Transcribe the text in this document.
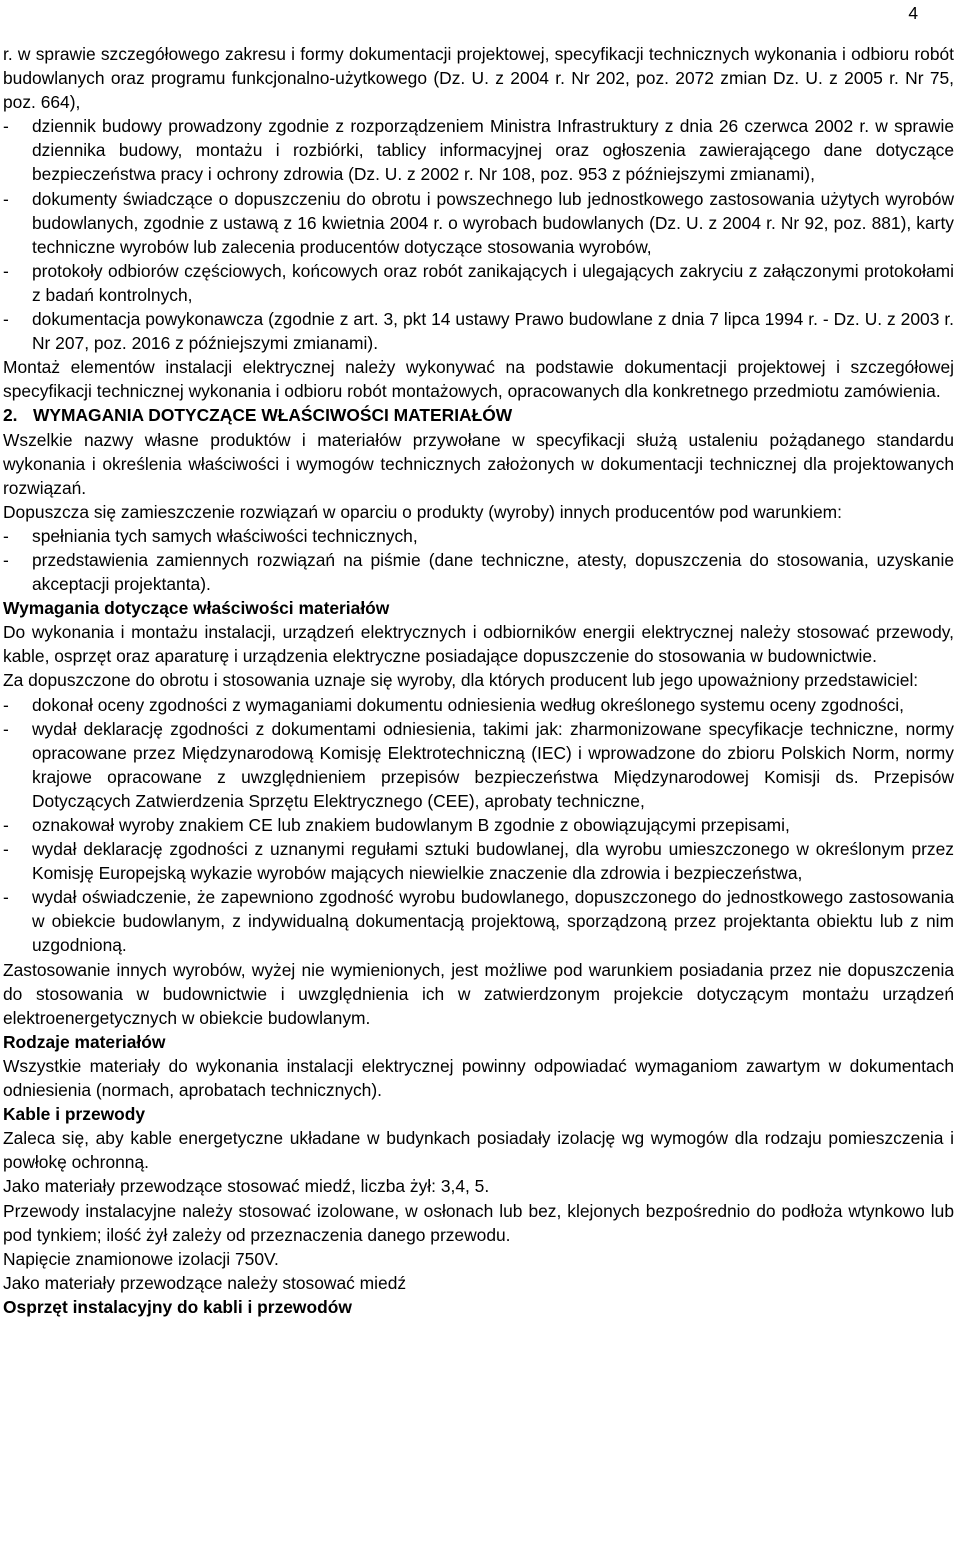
4

r. w sprawie szczegółowego zakresu i formy dokumentacji projektowej, specyfikacji technicznych wykonania i odbioru robót budowlanych oraz programu funkcjonalno-użytkowego (Dz. U. z 2004 r. Nr 202, poz. 2072 zmian Dz. U. z 2005 r. Nr 75, poz. 664),

- dziennik budowy prowadzony zgodnie z rozporządzeniem Ministra Infrastruktury z dnia 26 czerwca 2002 r. w sprawie dziennika budowy, montażu i rozbiórki, tablicy informacyjnej oraz ogłoszenia zawierającego dane dotyczące bezpieczeństwa pracy i ochrony zdrowia (Dz. U. z 2002 r. Nr 108, poz. 953 z późniejszymi zmianami),
- dokumenty świadczące o dopuszczeniu do obrotu i powszechnego lub jednostkowego zastosowania użytych wyrobów budowlanych, zgodnie z ustawą z 16 kwietnia 2004 r. o wyrobach budowlanych (Dz. U. z 2004 r. Nr 92, poz. 881), karty techniczne wyrobów lub zalecenia producentów dotyczące stosowania wyrobów,
- protokoły odbiorów częściowych, końcowych oraz robót zanikających i ulegających zakryciu z załączonymi protokołami z badań kontrolnych,
- dokumentacja powykonawcza (zgodnie z art. 3, pkt 14 ustawy Prawo budowlane z dnia 7 lipca 1994 r. - Dz. U. z 2003 r. Nr 207, poz. 2016 z późniejszymi zmianami).

Montaż elementów instalacji elektrycznej należy wykonywać na podstawie dokumentacji projektowej i szczegółowej specyfikacji technicznej wykonania i odbioru robót montażowych, opracowanych dla konkretnego przedmiotu zamówienia.

2. WYMAGANIA DOTYCZĄCE WŁAŚCIWOŚCI MATERIAŁÓW

Wszelkie nazwy własne produktów i materiałów przywołane w specyfikacji służą ustaleniu pożądanego standardu wykonania i określenia właściwości i wymogów technicznych założonych w dokumentacji technicznej dla projektowanych rozwiązań.

Dopuszcza się zamieszczenie rozwiązań w oparciu o produkty (wyroby) innych producentów pod warunkiem:

- spełniania tych samych właściwości technicznych,
- przedstawienia zamiennych rozwiązań na piśmie (dane techniczne, atesty, dopuszczenia do stosowania, uzyskanie akceptacji projektanta).
Wymagania dotyczące właściwości materiałów

Do wykonania i montażu instalacji, urządzeń elektrycznych i odbiorników energii elektrycznej należy stosować przewody, kable, osprzęt oraz aparaturę i urządzenia elektryczne posiadające dopuszczenie do stosowania w budownictwie.

Za dopuszczone do obrotu i stosowania uznaje się wyroby, dla których producent lub jego upoważniony przedstawiciel:

- dokonał oceny zgodności z wymaganiami dokumentu odniesienia według określonego systemu oceny zgodności,
- wydał deklarację zgodności z dokumentami odniesienia, takimi jak: zharmonizowane specyfikacje techniczne, normy opracowane przez Międzynarodową Komisję Elektrotechniczną (IEC) i wprowadzone do zbioru Polskich Norm, normy krajowe opracowane z uwzględnieniem przepisów bezpieczeństwa Międzynarodowej Komisji ds. Przepisów Dotyczących Zatwierdzenia Sprzętu Elektrycznego (CEE), aprobaty techniczne,
- oznakował wyroby znakiem CE lub znakiem budowlanym B zgodnie z obowiązującymi przepisami,
- wydał deklarację zgodności z uznanymi regułami sztuki budowlanej, dla wyrobu umieszczonego w określonym przez Komisję Europejską wykazie wyrobów mających niewielkie znaczenie dla zdrowia i bezpieczeństwa,
- wydał oświadczenie, że zapewniono zgodność wyrobu budowlanego, dopuszczonego do jednostkowego zastosowania w obiekcie budowlanym, z indywidualną dokumentacją projektową, sporządzoną przez projektanta obiektu lub z nim uzgodnioną.

Zastosowanie innych wyrobów, wyżej nie wymienionych, jest możliwe pod warunkiem posiadania przez nie dopuszczenia do stosowania w budownictwie i uwzględnienia ich w zatwierdzonym projekcie dotyczącym montażu urządzeń elektroenergetycznych w obiekcie budowlanym.

Rodzaje materiałów

Wszystkie materiały do wykonania instalacji elektrycznej powinny odpowiadać wymaganiom zawartym w dokumentach odniesienia (normach, aprobatach technicznych).

Kable i przewody

Zaleca się, aby kable energetyczne układane w budynkach posiadały izolację wg wymogów dla rodzaju pomieszczenia i powłokę ochronną.

Jako materiały przewodzące stosować miedź, liczba żył: 3,4, 5.

Przewody instalacyjne należy stosować izolowane, w osłonach lub bez, klejonych bezpośrednio do podłoża wtynkowo lub pod tynkiem; ilość żył zależy od przeznaczenia danego przewodu.

Napięcie znamionowe izolacji 750V.

Jako materiały przewodzące należy stosować miedź

Osprzęt instalacyjny do kabli i przewodów
